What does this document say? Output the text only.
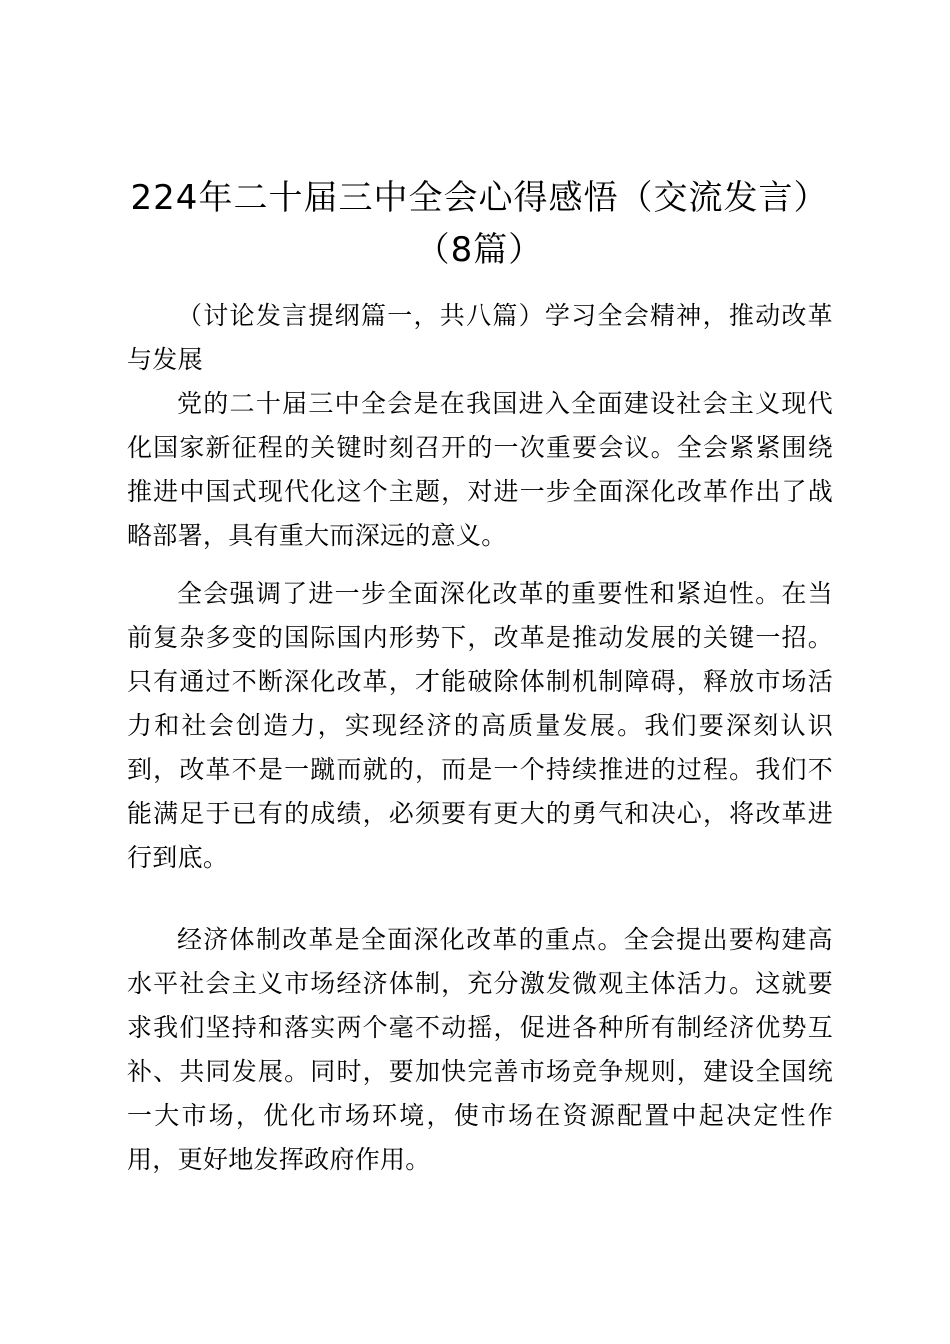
224年二十届三中全会心得感悟（交流发言）（8篇）

（讨论发言提纲篇一，共八篇）学习全会精神，推动改革与发展

党的二十届三中全会是在我国进入全面建设社会主义现代化国家新征程的关键时刻召开的一次重要会议。全会紧紧围绕推进中国式现代化这个主题，对进一步全面深化改革作出了战略部署，具有重大而深远的意义。

全会强调了进一步全面深化改革的重要性和紧迫性。在当前复杂多变的国际国内形势下，改革是推动发展的关键一招。只有通过不断深化改革，才能破除体制机制障碍，释放市场活力和社会创造力，实现经济的高质量发展。我们要深刻认识到，改革不是一蹴而就的，而是一个持续推进的过程。我们不能满足于已有的成绩，必须要有更大的勇气和决心，将改革进行到底。

经济体制改革是全面深化改革的重点。全会提出要构建高水平社会主义市场经济体制，充分激发微观主体活力。这就要求我们坚持和落实两个毫不动摇，促进各种所有制经济优势互补、共同发展。同时，要加快完善市场竞争规则，建设全国统一大市场，优化市场环境，使市场在资源配置中起决定性作用，更好地发挥政府作用。
